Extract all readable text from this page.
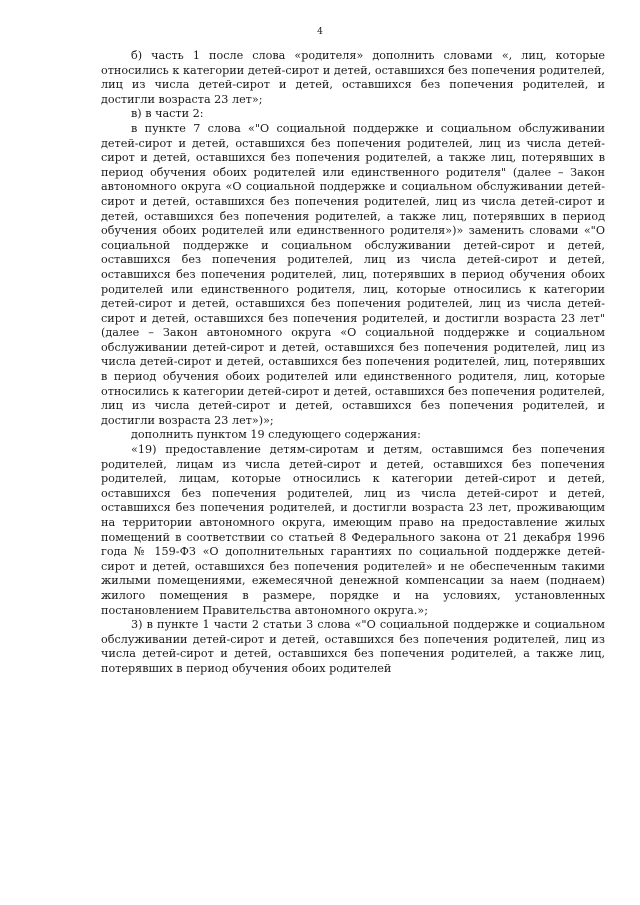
4

б) часть 1 после слова «родителя» дополнить словами «, лиц, которые относились к категории детей-сирот и детей, оставшихся без попечения родителей, лиц из числа детей-сирот и детей, оставшихся без попечения родителей, и достигли возраста 23 лет»;

в) в части 2:

в пункте 7 слова «"О социальной поддержке и социальном обслуживании детей-сирот и детей, оставшихся без попечения родителей, лиц из числа детей-сирот и детей, оставшихся без попечения родителей, а также лиц, потерявших в период обучения обоих родителей или единственного родителя" (далее – Закон автономного округа «О социальной поддержке и социальном обслуживании детей-сирот и детей, оставшихся без попечения родителей, лиц из числа детей-сирот и детей, оставшихся без попечения родителей, а также лиц, потерявших в период обучения обоих родителей или единственного родителя»)» заменить словами «"О социальной поддержке и социальном обслуживании детей-сирот и детей, оставшихся без попечения родителей, лиц из числа детей-сирот и детей, оставшихся без попечения родителей, лиц, потерявших в период обучения обоих родителей или единственного родителя, лиц, которые относились к категории детей-сирот и детей, оставшихся без попечения родителей, лиц из числа детей-сирот и детей, оставшихся без попечения родителей, и достигли возраста 23 лет" (далее – Закон автономного округа «О социальной поддержке и социальном обслуживании детей-сирот и детей, оставшихся без попечения родителей, лиц из числа детей-сирот и детей, оставшихся без попечения родителей, лиц, потерявших в период обучения обоих родителей или единственного родителя, лиц, которые относились к категории детей-сирот и детей, оставшихся без попечения родителей, лиц из числа детей-сирот и детей, оставшихся без попечения родителей, и достигли возраста 23 лет»)»;

дополнить пунктом 19 следующего содержания:

«19) предоставление детям-сиротам и детям, оставшимся без попечения родителей, лицам из числа детей-сирот и детей, оставшихся без попечения родителей, лицам, которые относились к категории детей-сирот и детей, оставшихся без попечения родителей, лиц из числа детей-сирот и детей, оставшихся без попечения родителей, и достигли возраста 23 лет, проживающим на территории автономного округа, имеющим право на предоставление жилых помещений в соответствии со статьей 8 Федерального закона от 21 декабря 1996 года № 159-ФЗ «О дополнительных гарантиях по социальной поддержке детей-сирот и детей, оставшихся без попечения родителей» и не обеспеченным такими жилыми помещениями, ежемесячной денежной компенсации за наем (поднаем) жилого помещения в размере, порядке и на условиях, установленных постановлением Правительства автономного округа.»;

3) в пункте 1 части 2 статьи 3 слова «"О социальной поддержке и социальном обслуживании детей-сирот и детей, оставшихся без попечения родителей, лиц из числа детей-сирот и детей, оставшихся без попечения родителей, а также лиц, потерявших в период обучения обоих родителей
